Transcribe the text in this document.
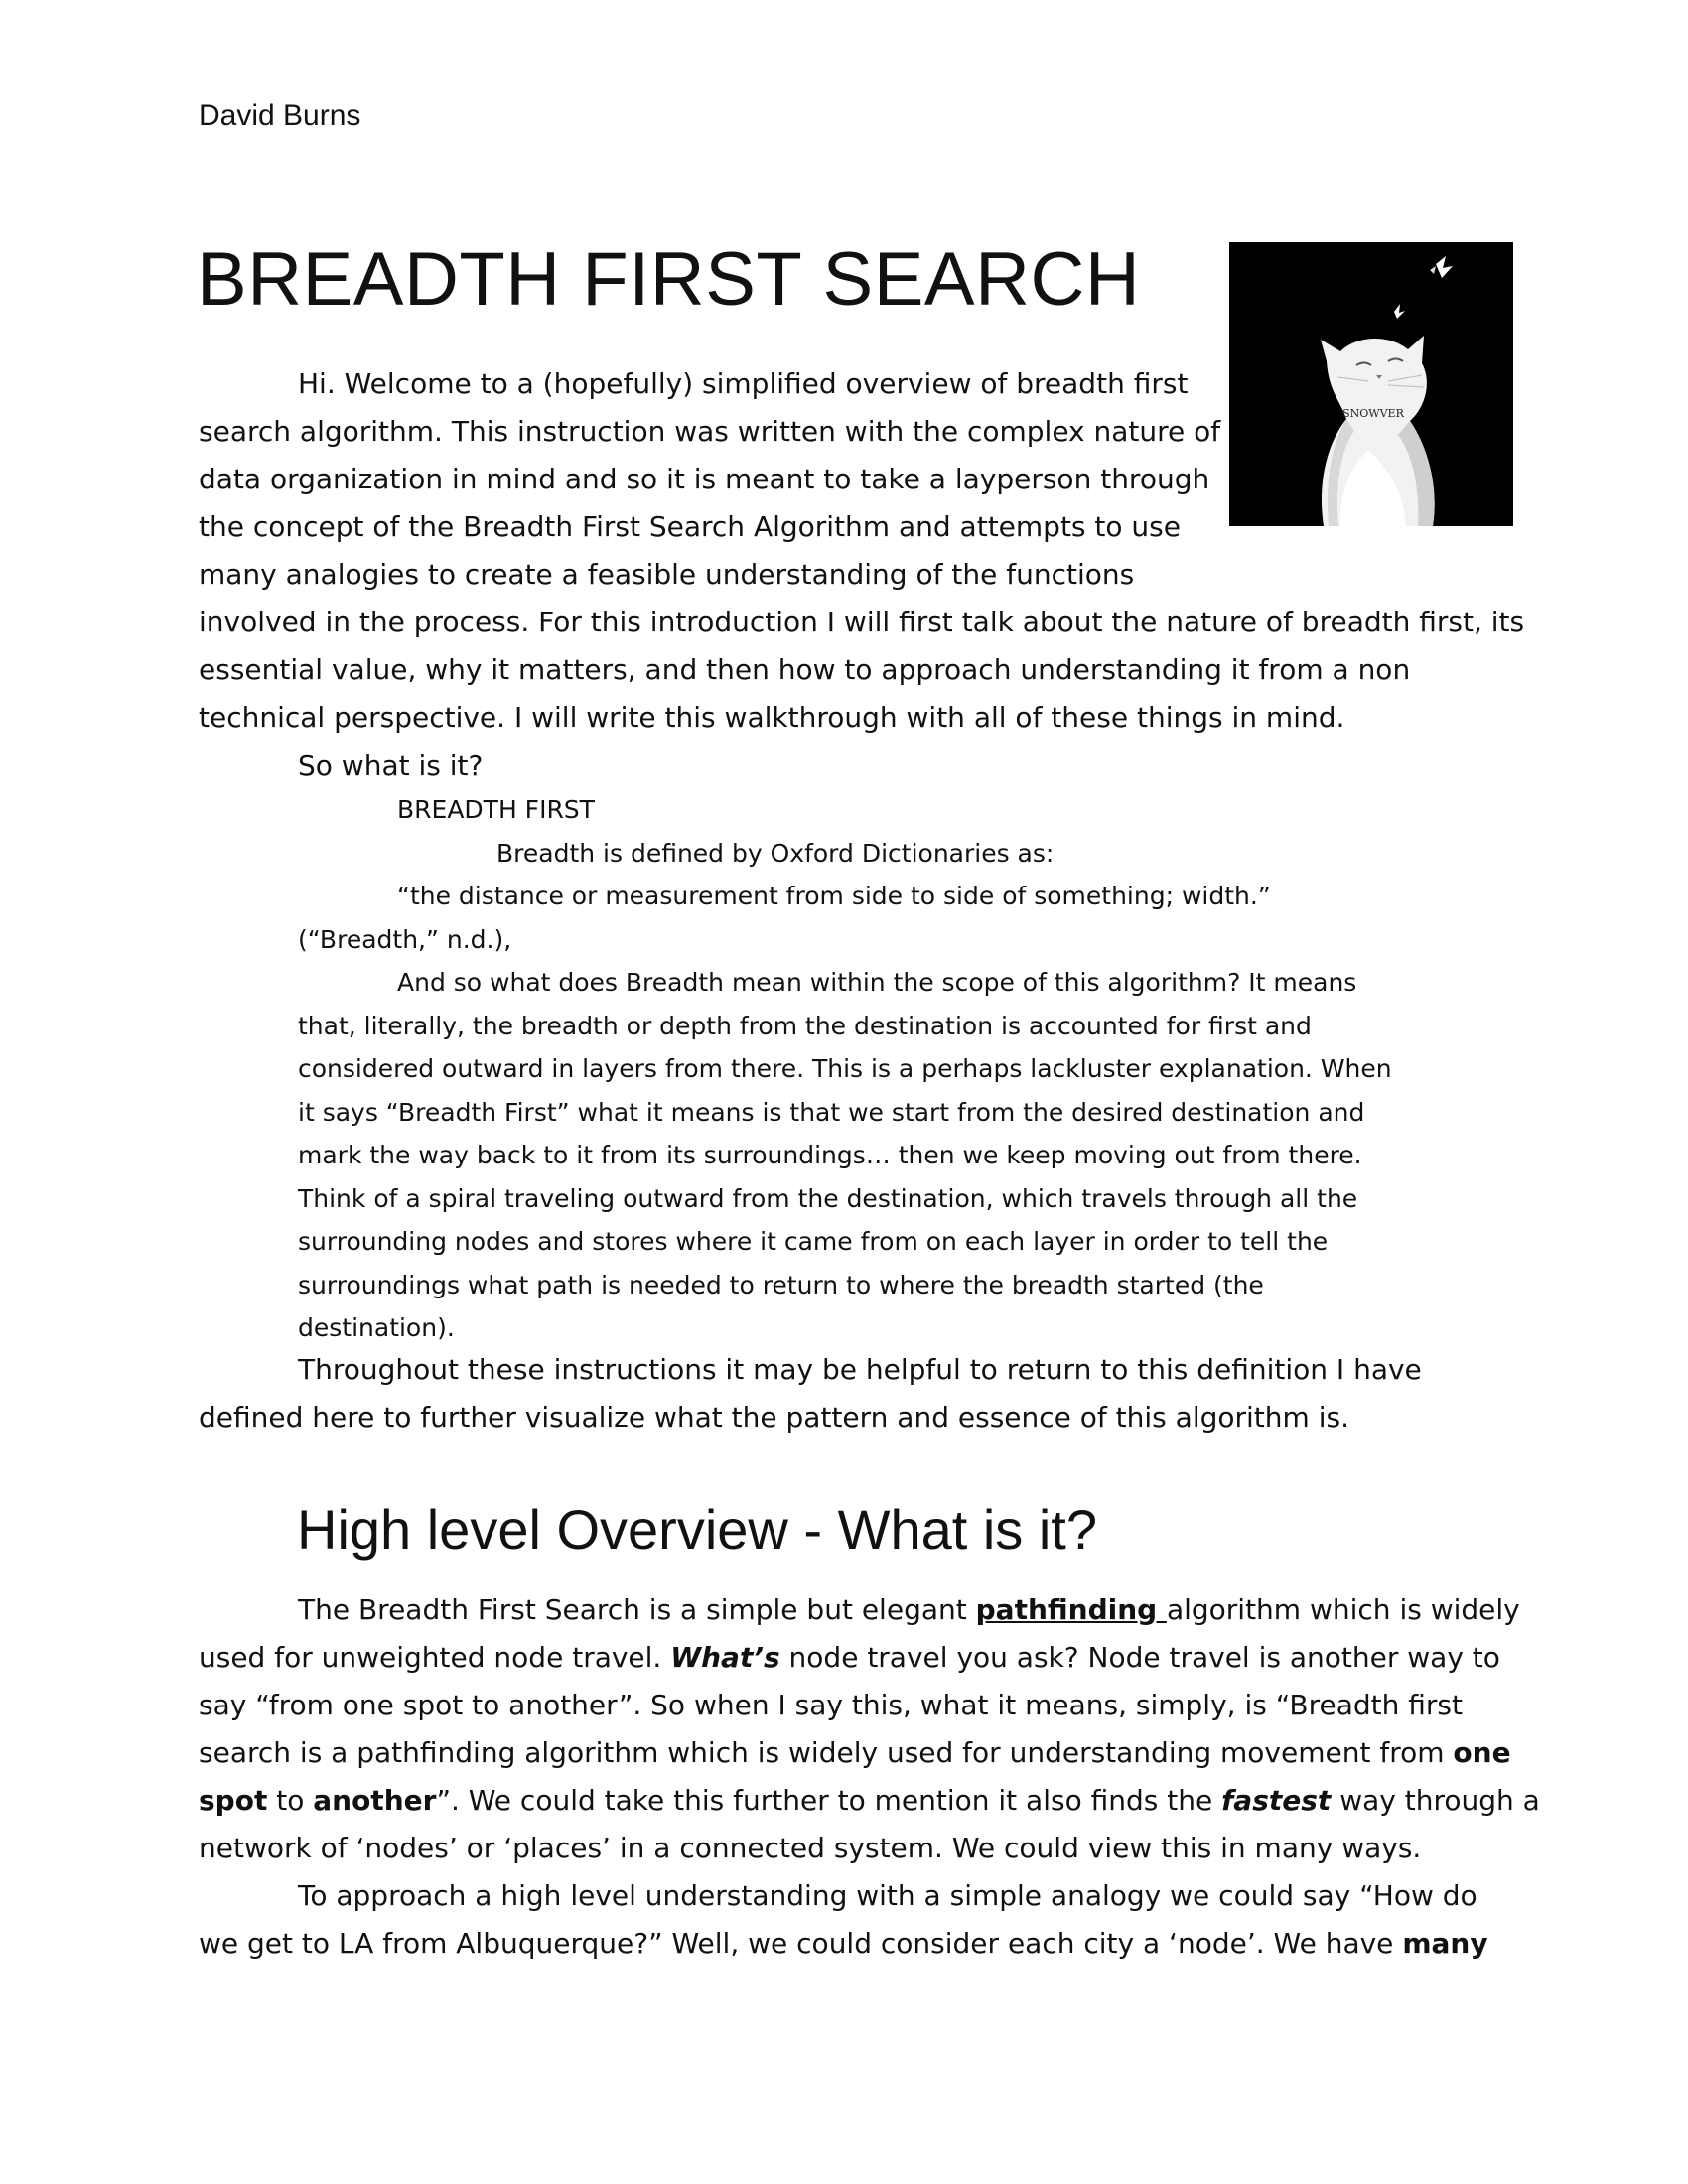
David Burns
BREADTH FIRST SEARCH
SNOWVER
Hi. Welcome to a (hopefully) simplified overview of breadth first
search algorithm. This instruction was written with the complex nature of
data organization in mind and so it is meant to take a layperson through
the concept of the Breadth First Search Algorithm and attempts to use
many analogies to create a feasible understanding of the functions
involved in the process. For this introduction I will first talk about the nature of breadth first, its
essential value, why it matters, and then how to approach understanding it from a non
technical perspective. I will write this walkthrough with all of these things in mind.
So what is it?
BREADTH FIRST
Breadth is defined by Oxford Dictionaries as:
“the distance or measurement from side to side of something; width.”
(“Breadth,” n.d.),
And so what does Breadth mean within the scope of this algorithm? It means
that, literally, the breadth or depth from the destination is accounted for first and
considered outward in layers from there. This is a perhaps lackluster explanation. When
it says “Breadth First” what it means is that we start from the desired destination and
mark the way back to it from its surroundings… then we keep moving out from there.
Think of a spiral traveling outward from the destination, which travels through all the
surrounding nodes and stores where it came from on each layer in order to tell the
surroundings what path is needed to return to where the breadth started (the
destination).
Throughout these instructions it may be helpful to return to this definition I have
defined here to further visualize what the pattern and essence of this algorithm is.
High level Overview - What is it?
The Breadth First Search is a simple but elegant pathfinding algorithm which is widely
used for unweighted node travel. What’s node travel you ask? Node travel is another way to
say “from one spot to another”. So when I say this, what it means, simply, is “Breadth first
search is a pathfinding algorithm which is widely used for understanding movement from one
spot to another”. We could take this further to mention it also finds the fastest way through a
network of ‘nodes’ or ‘places’ in a connected system. We could view this in many ways.
To approach a high level understanding with a simple analogy we could say “How do
we get to LA from Albuquerque?” Well, we could consider each city a ‘node’. We have many
